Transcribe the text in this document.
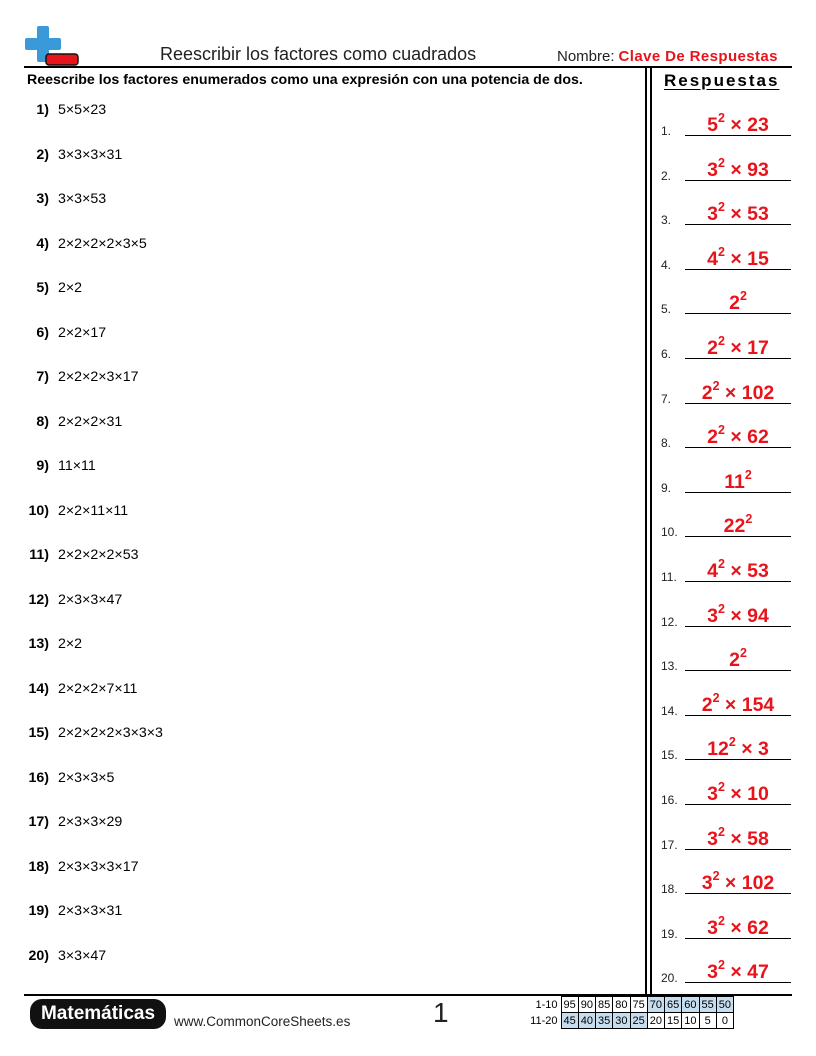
Reescribir los factores como cuadrados	Nombre: Clave De Respuestas
Reescribe los factores enumerados como una expresión con una potencia de dos.
1) 5×5×23
2) 3×3×3×31
3) 3×3×53
4) 2×2×2×2×3×5
5) 2×2
6) 2×2×17
7) 2×2×2×3×17
8) 2×2×2×31
9) 11×11
10) 2×2×11×11
11) 2×2×2×2×53
12) 2×3×3×47
13) 2×2
14) 2×2×2×7×11
15) 2×2×2×2×3×3×3
16) 2×3×3×5
17) 2×3×3×29
18) 2×3×3×3×17
19) 2×3×3×31
20) 3×3×47
Respuestas
1.	$5^2 \times 23$
2.	$3^2 \times 93$
3.	$3^2 \times 53$
4.	$4^2 \times 15$
5.	$2^2$
6.	$2^2 \times 17$
7.	$2^2 \times 102$
8.	$2^2 \times 62$
9.	$11^2$
10.	$22^2$
11.	$4^2 \times 53$
12.	$3^2 \times 94$
13.	$2^2$
14.	$2^2 \times 154$
15.	$12^2 \times 3$
16.	$3^2 \times 10$
17.	$3^2 \times 58$
18.	$3^2 \times 102$
19.	$3^2 \times 62$
20.	$3^2 \times 47$
Matemáticas	www.CommonCoreSheets.es	1	1-10	95	90	85	80	75	70	65	60	55	50
11-20	45	40	35	30	25	20	15	10	5	0
